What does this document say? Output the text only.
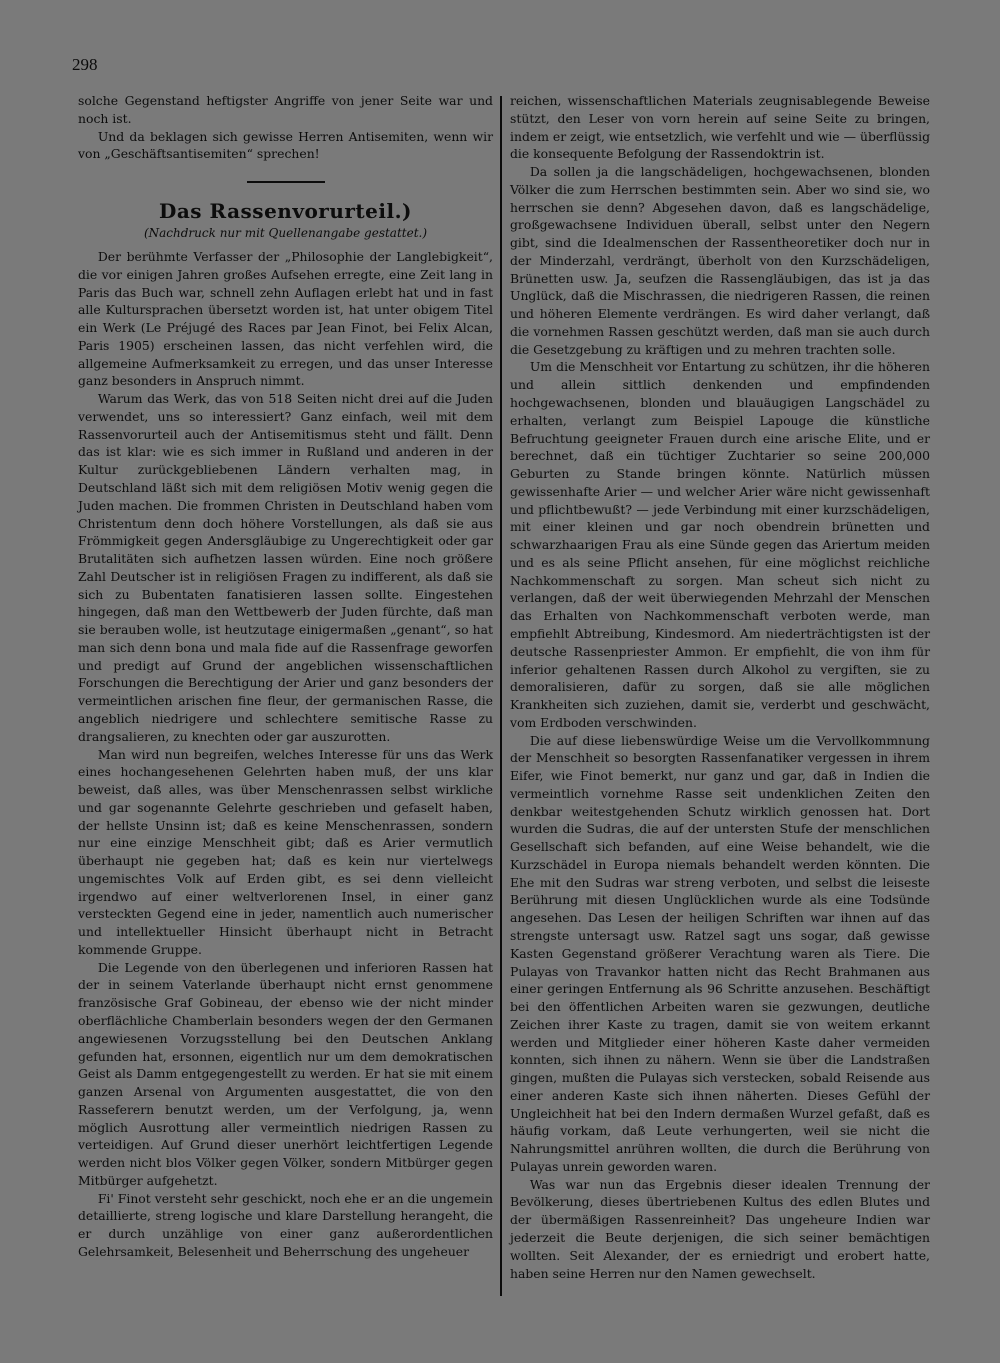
298

solche Gegenstand heftigster Angriffe von jener Seite war und noch ist.

Und da beklagen sich gewisse Herren Antisemiten, wenn wir von „Geschäftsantisemiten“ sprechen!

Das Rassenvorurteil.)
(Nachdruck nur mit Quellenangabe gestattet.)

Der berühmte Verfasser der „Philosophie der Langlebigkeit“, die vor einigen Jahren großes Aufsehen erregte, eine Zeit lang in Paris das Buch war, schnell zehn Auflagen erlebt hat und in fast alle Kultursprachen übersetzt worden ist, hat unter obigem Titel ein Werk (Le Préjugé des Races par Jean Finot, bei Felix Alcan, Paris 1905) erscheinen lassen, das nicht verfehlen wird, die allgemeine Aufmerksamkeit zu erregen, und das unser Interesse ganz besonders in Anspruch nimmt.

Warum das Werk, das von 518 Seiten nicht drei auf die Juden verwendet, uns so interessiert? Ganz einfach, weil mit dem Rassenvorurteil auch der Antisemitismus steht und fällt. Denn das ist klar: wie es sich immer in Rußland und anderen in der Kultur zurückgebliebenen Ländern verhalten mag, in Deutschland läßt sich mit dem religiösen Motiv wenig gegen die Juden machen. Die frommen Christen in Deutschland haben vom Christentum denn doch höhere Vorstellungen, als daß sie aus Frömmigkeit gegen Andersgläubige zu Ungerechtigkeit oder gar Brutalitäten sich aufhetzen lassen würden. Eine noch größere Zahl Deutscher ist in religiösen Fragen zu indifferent, als daß sie sich zu Bubentaten fanatisieren lassen sollte. Eingestehen hingegen, daß man den Wettbewerb der Juden fürchte, daß man sie berauben wolle, ist heutzutage einigermaßen „genant“, so hat man sich denn bona und mala fide auf die Rassenfrage geworfen und predigt auf Grund der angeblichen wissenschaftlichen Forschungen die Berechtigung der Arier und ganz besonders der vermeintlichen arischen fine fleur, der germanischen Rasse, die angeblich niedrigere und schlechtere semitische Rasse zu drangsalieren, zu knechten oder gar auszurotten.

Man wird nun begreifen, welches Interesse für uns das Werk eines hochangesehenen Gelehrten haben muß, der uns klar beweist, daß alles, was über Menschenrassen selbst wirkliche und gar sogenannte Gelehrte geschrieben und gefaselt haben, der hellste Unsinn ist; daß es keine Menschenrassen, sondern nur eine einzige Menschheit gibt; daß es Arier vermutlich überhaupt nie gegeben hat; daß es kein nur viertelwegs ungemischtes Volk auf Erden gibt, es sei denn vielleicht irgendwo auf einer weltverlorenen Insel, in einer ganz versteckten Gegend eine in jeder, namentlich auch numerischer und intellektueller Hinsicht überhaupt nicht in Betracht kommende Gruppe.

Die Legende von den überlegenen und inferioren Rassen hat der in seinem Vaterlande überhaupt nicht ernst genommene französische Graf Gobineau, der ebenso wie der nicht minder oberflächliche Chamberlain besonders wegen der den Germanen angewiesenen Vorzugsstellung bei den Deutschen Anklang gefunden hat, ersonnen, eigentlich nur um dem demokratischen Geist als Damm entgegengestellt zu werden. Er hat sie mit einem ganzen Arsenal von Argumenten ausgestattet, die von den Rasseferern benutzt werden, um der Verfolgung, ja, wenn möglich Ausrottung aller vermeintlich niedrigen Rassen zu verteidigen. Auf Grund dieser unerhört leichtfertigen Legende werden nicht blos Völker gegen Völker, sondern Mitbürger gegen Mitbürger aufgehetzt.

Fi' Finot versteht sehr geschickt, noch ehe er an die ungemein detaillierte, streng logische und klare Darstellung herangeht, die er durch unzählige von einer ganz außerordentlichen Gelehrsamkeit, Belesenheit und Beherrschung des ungeheuer

reichen, wissenschaftlichen Materials zeugnisablegende Beweise stützt, den Leser von vorn herein auf seine Seite zu bringen, indem er zeigt, wie entsetzlich, wie verfehlt und wie — überflüssig die konsequente Befolgung der Rassendoktrin ist.

Da sollen ja die langschädeligen, hochgewachsenen, blonden Völker die zum Herrschen bestimmten sein. Aber wo sind sie, wo herrschen sie denn? Abgesehen davon, daß es langschädelige, großgewachsene Individuen überall, selbst unter den Negern gibt, sind die Idealmenschen der Rassentheoretiker doch nur in der Minderzahl, verdrängt, überholt von den Kurzschädeligen, Brünetten usw. Ja, seufzen die Rassengläubigen, das ist ja das Unglück, daß die Mischrassen, die niedrigeren Rassen, die reinen und höheren Elemente verdrängen. Es wird daher verlangt, daß die vornehmen Rassen geschützt werden, daß man sie auch durch die Gesetzgebung zu kräftigen und zu mehren trachten solle.

Um die Menschheit vor Entartung zu schützen, ihr die höheren und allein sittlich denkenden und empfindenden hochgewachsenen, blonden und blauäugigen Langschädel zu erhalten, verlangt zum Beispiel Lapouge die künstliche Befruchtung geeigneter Frauen durch eine arische Elite, und er berechnet, daß ein tüchtiger Zuchtarier so seine 200,000 Geburten zu Stande bringen könnte. Natürlich müssen gewissenhafte Arier — und welcher Arier wäre nicht gewissenhaft und pflichtbewußt? — jede Verbindung mit einer kurzschädeligen, mit einer kleinen und gar noch obendrein brünetten und schwarzhaarigen Frau als eine Sünde gegen das Ariertum meiden und es als seine Pflicht ansehen, für eine möglichst reichliche Nachkommenschaft zu sorgen. Man scheut sich nicht zu verlangen, daß der weit überwiegenden Mehrzahl der Menschen das Erhalten von Nachkommenschaft verboten werde, man empfiehlt Abtreibung, Kindesmord. Am niederträchtigsten ist der deutsche Rassenpriester Ammon. Er empfiehlt, die von ihm für inferior gehaltenen Rassen durch Alkohol zu vergiften, sie zu demoralisieren, dafür zu sorgen, daß sie alle möglichen Krankheiten sich zuziehen, damit sie, verderbt und geschwächt, vom Erdboden verschwinden.

Die auf diese liebenswürdige Weise um die Vervollkommnung der Menschheit so besorgten Rassenfanatiker vergessen in ihrem Eifer, wie Finot bemerkt, nur ganz und gar, daß in Indien die vermeintlich vornehme Rasse seit undenklichen Zeiten den denkbar weitestgehenden Schutz wirklich genossen hat. Dort wurden die Sudras, die auf der untersten Stufe der menschlichen Gesellschaft sich befanden, auf eine Weise behandelt, wie die Kurzschädel in Europa niemals behandelt werden könnten. Die Ehe mit den Sudras war streng verboten, und selbst die leiseste Berührung mit diesen Unglücklichen wurde als eine Todsünde angesehen. Das Lesen der heiligen Schriften war ihnen auf das strengste untersagt usw. Ratzel sagt uns sogar, daß gewisse Kasten Gegenstand größerer Verachtung waren als Tiere. Die Pulayas von Travankor hatten nicht das Recht Brahmanen aus einer geringen Entfernung als 96 Schritte anzusehen. Beschäftigt bei den öffentlichen Arbeiten waren sie gezwungen, deutliche Zeichen ihrer Kaste zu tragen, damit sie von weitem erkannt werden und Mitglieder einer höheren Kaste daher vermeiden konnten, sich ihnen zu nähern. Wenn sie über die Landstraßen gingen, mußten die Pulayas sich verstecken, sobald Reisende aus einer anderen Kaste sich ihnen näherten. Dieses Gefühl der Ungleichheit hat bei den Indern dermaßen Wurzel gefaßt, daß es häufig vorkam, daß Leute verhungerten, weil sie nicht die Nahrungsmittel anrühren wollten, die durch die Berührung von Pulayas unrein geworden waren.

Was war nun das Ergebnis dieser idealen Trennung der Bevölkerung, dieses übertriebenen Kultus des edlen Blutes und der übermäßigen Rassenreinheit? Das ungeheure Indien war jederzeit die Beute derjenigen, die sich seiner bemächtigen wollten. Seit Alexander, der es erniedrigt und erobert hatte, haben seine Herren nur den Namen gewechselt.
